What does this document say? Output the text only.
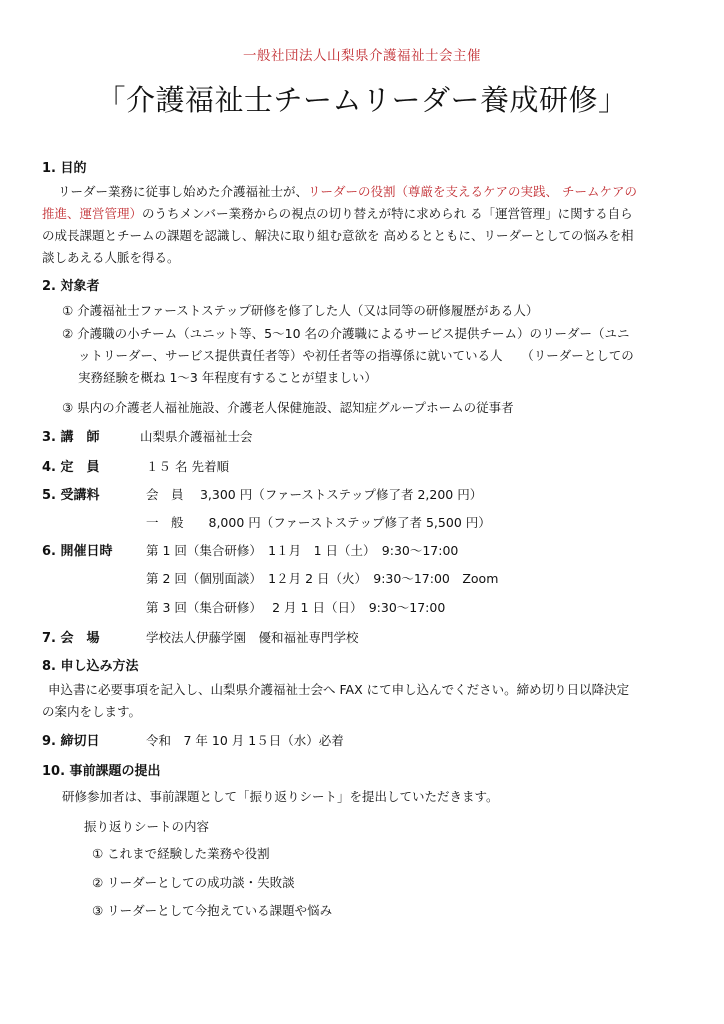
一般社団法人山梨県介護福祉士会主催
「介護福祉士チームリーダー養成研修」
1. 目的
リーダー業務に従事し始めた介護福祉士が、リーダーの役割（尊厳を支えるケアの実践、 チームケアの
推進、運営管理）のうちメンバー業務からの視点の切り替えが特に求められ る「運営管理」に関する自ら
の成長課題とチームの課題を認識し、解決に取り組む意欲を 高めるとともに、リーダーとしての悩みを相
談しあえる人脈を得る。
2. 対象者
① 介護福祉士ファーストステップ研修を修了した人（又は同等の研修履歴がある人）
② 介護職の小チーム（ユニット等、5～10 名の介護職によるサービス提供チーム）のリーダー（ユニ
ットリーダー、サービス提供責任者等）や初任者等の指導係に就いている人　　（リーダーとしての
実務経験を概ね 1～3 年程度有することが望ましい）
③ 県内の介護老人福祉施設、介護老人保健施設、認知症グループホームの従事者
3. 講　師	山梨県介護福祉士会
4. 定　員	１５ 名 先着順
5. 受講料	会　員　 3,300 円（ファーストステップ修了者 2,200 円）
一　般　　8,000 円（ファーストステップ修了者 5,500 円）
6. 開催日時	第 1 回（集合研修）　1１月　1 日（土）　9:30～17:00
第 2 回（個別面談）　1２月 2 日（火）　9:30～17:00　Zoom
第 3 回（集合研修）　 2 月 1 日（日）　9:30～17:00
7. 会　場	学校法人伊藤学園　優和福祉専門学校
8. 申し込み方法
申込書に必要事項を記入し、山梨県介護福祉士会へ FAX にて申し込んでください。締め切り日以降決定
の案内をします。
9. 締切日	令和　7 年 10 月 1５日（水）必着
10. 事前課題の提出
研修参加者は、事前課題として「振り返りシート」を提出していただきます。
振り返りシートの内容
① これまで経験した業務や役割
② リーダーとしての成功談・失敗談
③ リーダーとして今抱えている課題や悩み
